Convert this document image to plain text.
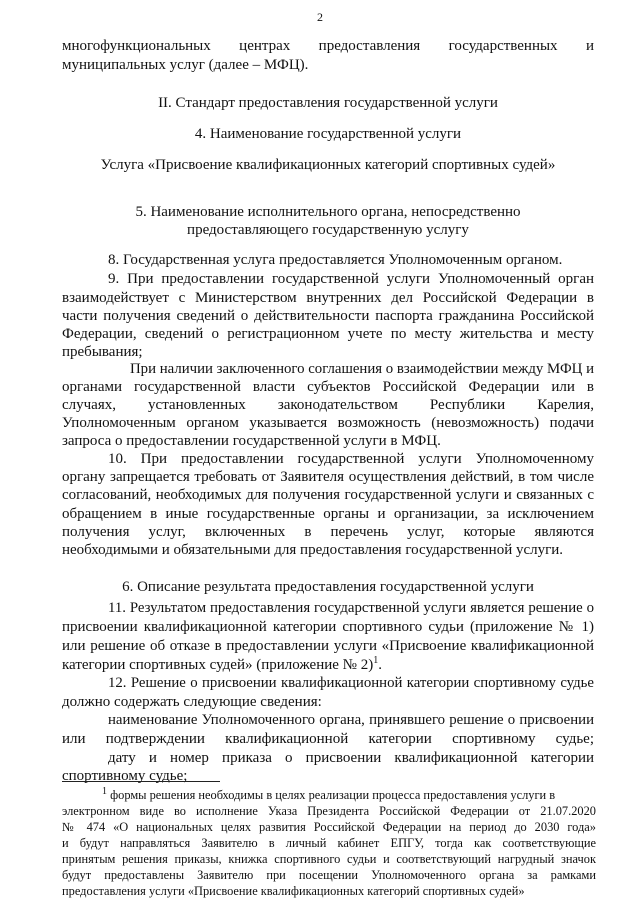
2
многофункциональных центрах предоставления государственных и
муниципальных услуг (далее – МФЦ).
II. Стандарт предоставления государственной услуги
4. Наименование государственной услуги
Услуга «Присвоение квалификационных категорий спортивных судей»
5. Наименование исполнительного органа, непосредственно
предоставляющего государственную услугу
8. Государственная услуга предоставляется Уполномоченным органом.
9. При предоставлении государственной услуги Уполномоченный орган
взаимодействует с Министерством внутренних дел Российской Федерации в
части получения сведений о действительности паспорта гражданина Российской
Федерации, сведений о регистрационном учете по месту жительства и месту
пребывания;
При наличии заключенного соглашения о взаимодействии между МФЦ и
органами государственной власти субъектов Российской Федерации или в
случаях, установленных законодательством Республики Карелия,
Уполномоченным органом указывается возможность (невозможность) подачи
запроса о предоставлении государственной услуги в МФЦ.
10. При предоставлении государственной услуги Уполномоченному
органу запрещается требовать от Заявителя осуществления действий, в том числе
согласований, необходимых для получения государственной услуги и связанных с
обращением в иные государственные органы и организации, за исключением
получения услуг, включенных в перечень услуг, которые являются
необходимыми и обязательными для предоставления государственной услуги.
6. Описание результата предоставления государственной услуги
11. Результатом предоставления государственной услуги является решение о
присвоении квалификационной категории спортивного судьи (приложение № 1)
или решение об отказе в предоставлении услуги «Присвоение квалификационной
категории спортивных судей» (приложение № 2)$^1$.
12. Решение о присвоении квалификационной категории спортивному судье
должно содержать следующие сведения:
наименование Уполномоченного органа, принявшего решение о присвоении
или подтверждении квалификационной категории спортивному судье;
дату и номер приказа о присвоении квалификационной категории
спортивному судье;
$^1$ формы решения необходимы в целях реализации процесса предоставления услуги в
электронном виде во исполнение Указа Президента Российской Федерации от 21.07.2020
№ 474 «О национальных целях развития Российской Федерации на период до 2030 года»
и будут направляться Заявителю в личный кабинет ЕПГУ, тогда как соответствующие
принятым решения приказы, книжка спортивного судьи и соответствующий нагрудный значок
будут предоставлены Заявителю при посещении Уполномоченного органа за рамками
предоставления услуги «Присвоение квалификационных категорий спортивных судей»
